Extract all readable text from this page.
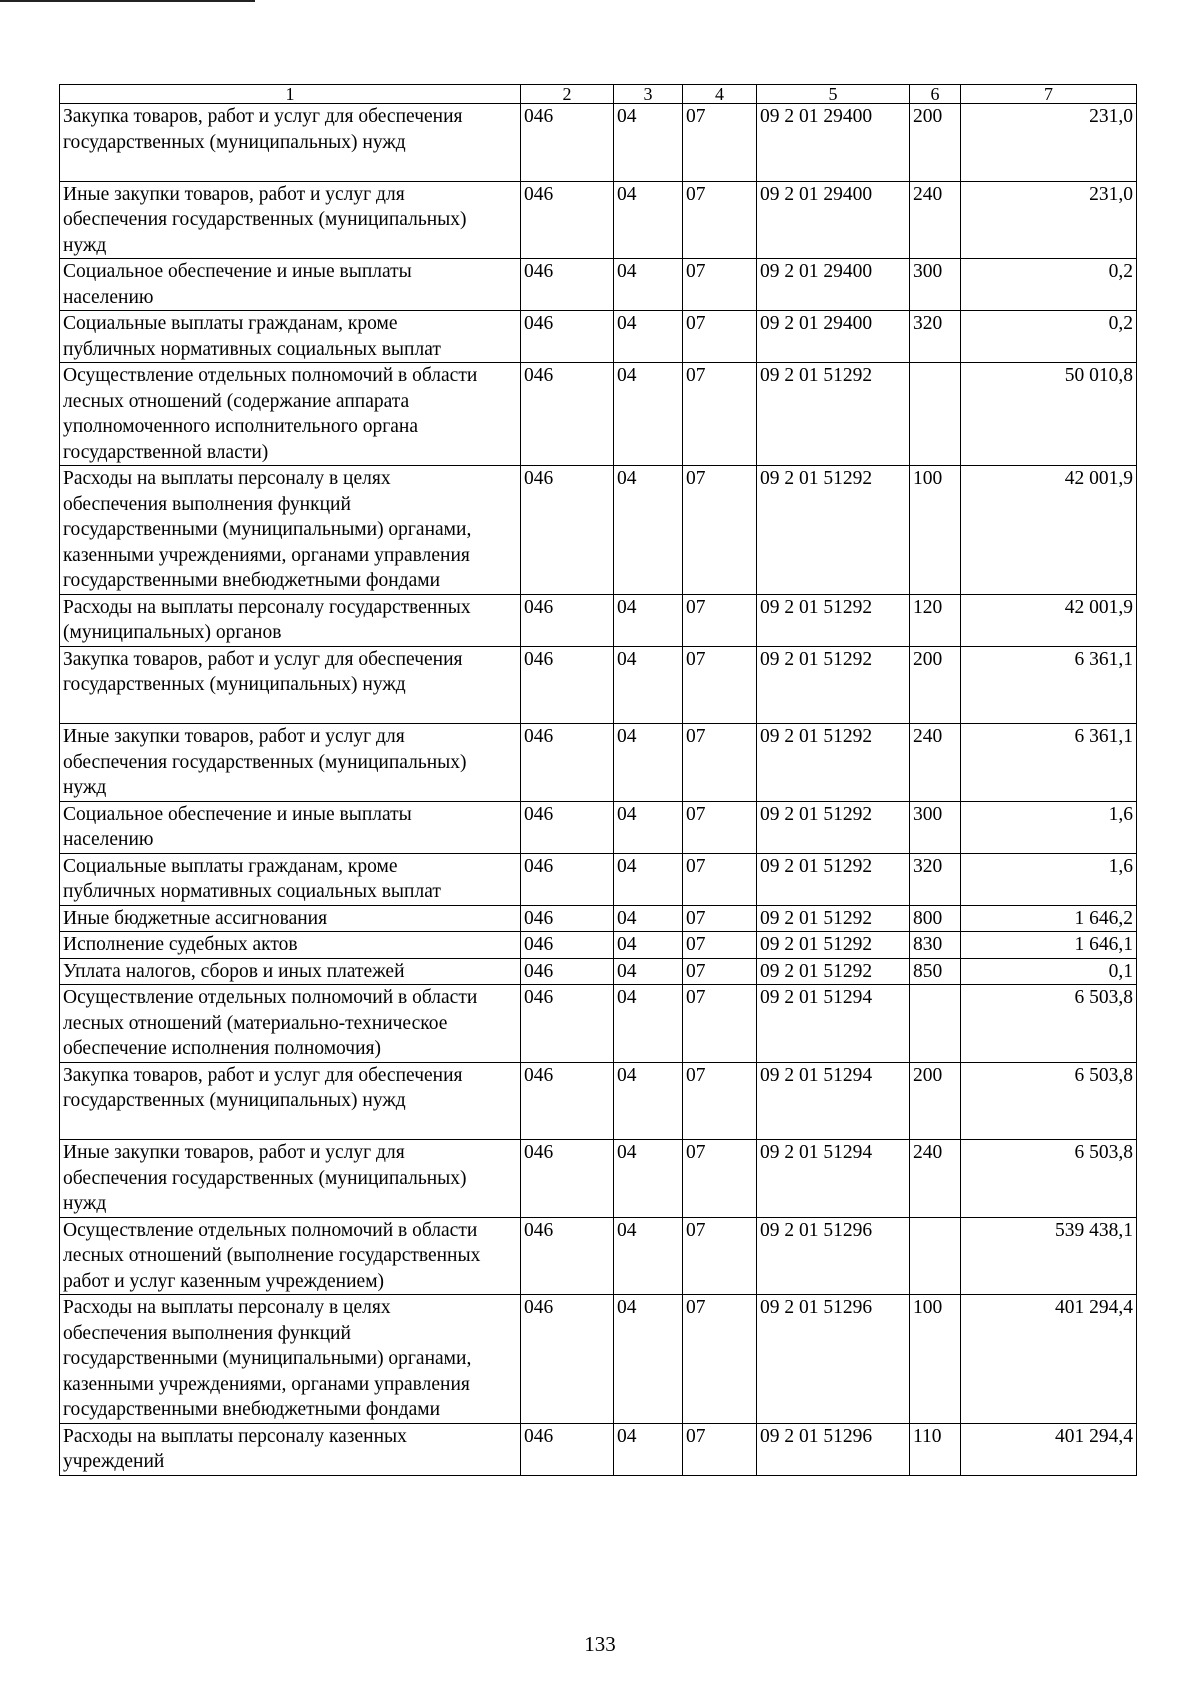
1	2	3	4	5	6	7
Закупка товаров, работ и услуг для обеспечения
государственных (муниципальных) нужд	046	04	07	09 2 01 29400	200	231,0
Иные закупки товаров, работ и услуг для
обеспечения государственных (муниципальных)
нужд	046	04	07	09 2 01 29400	240	231,0
Социальное обеспечение и иные выплаты
населению	046	04	07	09 2 01 29400	300	0,2
Социальные выплаты гражданам, кроме
публичных нормативных социальных выплат	046	04	07	09 2 01 29400	320	0,2
Осуществление отдельных полномочий в области
лесных отношений (содержание аппарата
уполномоченного исполнительного органа
государственной власти)	046	04	07	09 2 01 51292		50 010,8
Расходы на выплаты персоналу в целях
обеспечения выполнения функций
государственными (муниципальными) органами,
казенными учреждениями, органами управления
государственными внебюджетными фондами	046	04	07	09 2 01 51292	100	42 001,9
Расходы на выплаты персоналу государственных
(муниципальных) органов	046	04	07	09 2 01 51292	120	42 001,9
Закупка товаров, работ и услуг для обеспечения
государственных (муниципальных) нужд	046	04	07	09 2 01 51292	200	6 361,1
Иные закупки товаров, работ и услуг для
обеспечения государственных (муниципальных)
нужд	046	04	07	09 2 01 51292	240	6 361,1
Социальное обеспечение и иные выплаты
населению	046	04	07	09 2 01 51292	300	1,6
Социальные выплаты гражданам, кроме
публичных нормативных социальных выплат	046	04	07	09 2 01 51292	320	1,6
Иные бюджетные ассигнования	046	04	07	09 2 01 51292	800	1 646,2
Исполнение судебных актов	046	04	07	09 2 01 51292	830	1 646,1
Уплата налогов, сборов и иных платежей	046	04	07	09 2 01 51292	850	0,1
Осуществление отдельных полномочий в области
лесных отношений (материально-техническое
обеспечение исполнения полномочия)	046	04	07	09 2 01 51294		6 503,8
Закупка товаров, работ и услуг для обеспечения
государственных (муниципальных) нужд	046	04	07	09 2 01 51294	200	6 503,8
Иные закупки товаров, работ и услуг для
обеспечения государственных (муниципальных)
нужд	046	04	07	09 2 01 51294	240	6 503,8
Осуществление отдельных полномочий в области
лесных отношений (выполнение государственных
работ и услуг казенным учреждением)	046	04	07	09 2 01 51296		539 438,1
Расходы на выплаты персоналу в целях
обеспечения выполнения функций
государственными (муниципальными) органами,
казенными учреждениями, органами управления
государственными внебюджетными фондами	046	04	07	09 2 01 51296	100	401 294,4
Расходы на выплаты персоналу казенных
учреждений	046	04	07	09 2 01 51296	110	401 294,4
133
